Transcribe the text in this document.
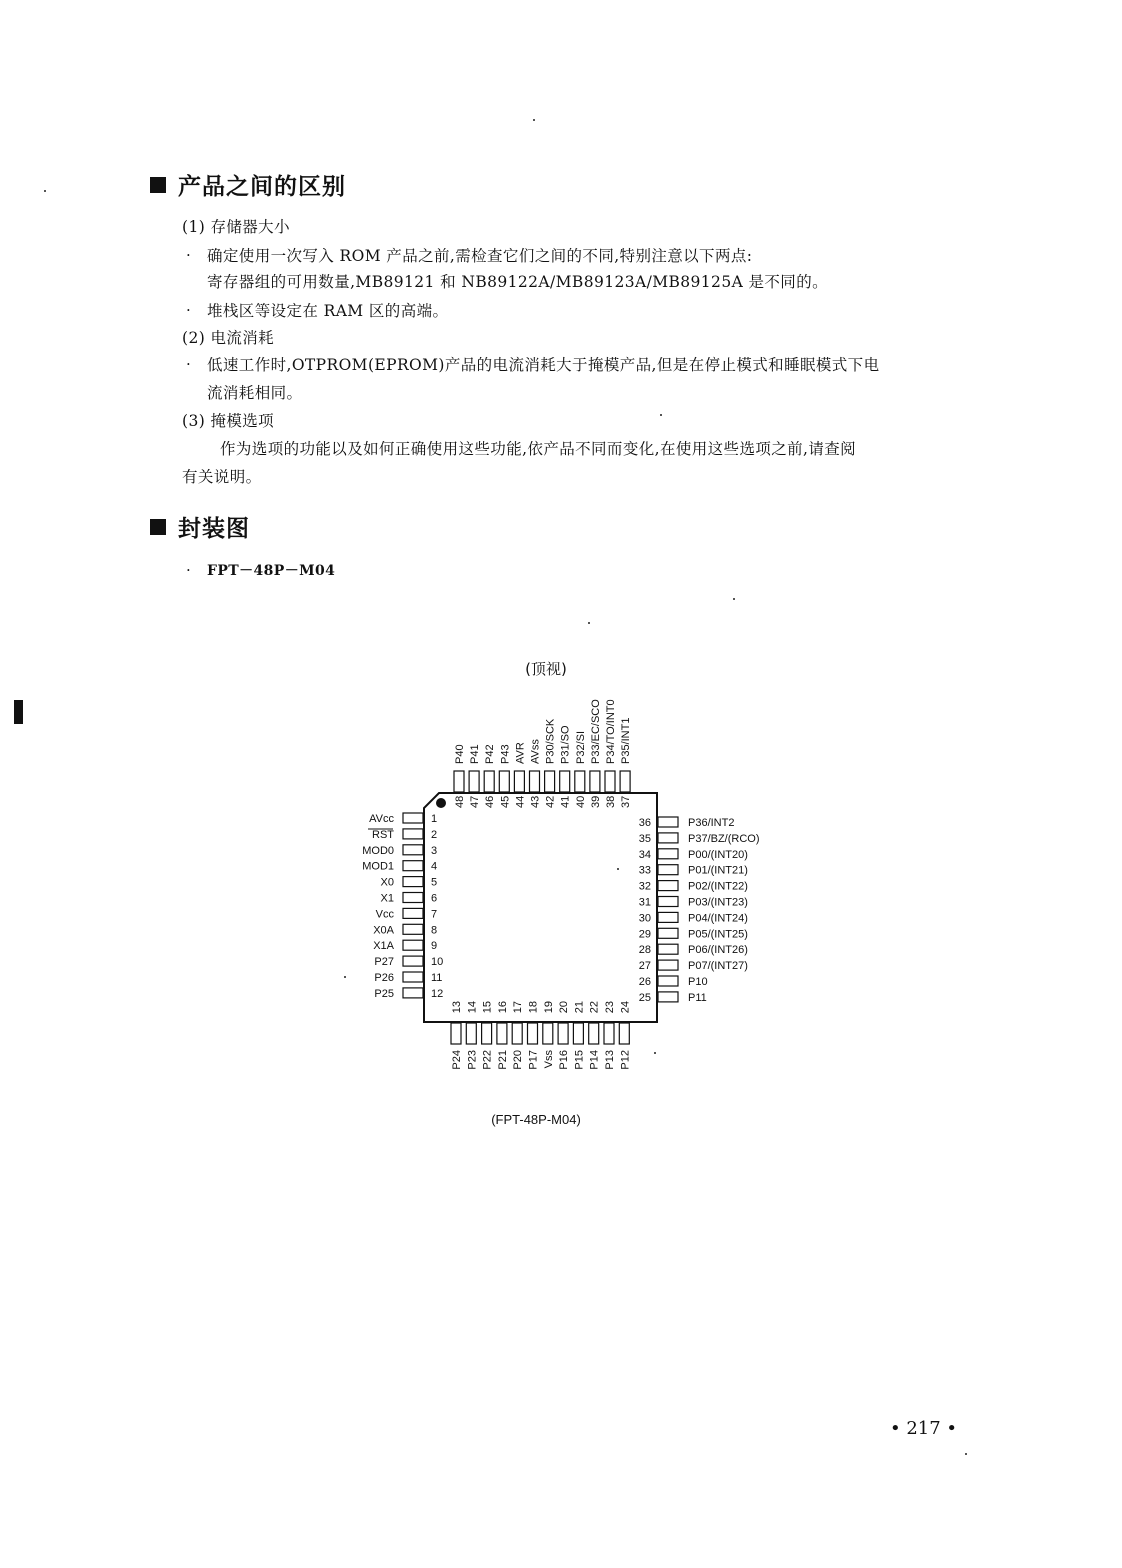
产品之间的区别
(1) 存储器大小
· 确定使用一次写入 ROM 产品之前,需检查它们之间的不同,特别注意以下两点:
寄存器组的可用数量,MB89121 和 NB89122A/MB89123A/MB89125A 是不同的。
· 堆栈区等设定在 RAM 区的高端。
(2) 电流消耗
· 低速工作时,OTPROM(EPROM)产品的电流消耗大于掩模产品,但是在停止模式和睡眠模式下电
流消耗相同。
(3) 掩模选项
作为选项的功能以及如何正确使用这些功能,依产品不同而变化,在使用这些选项之前,请查阅
有关说明。
封装图
· FPT－48P－M04
(顶视)
1
AVcc
2
RST
3
MOD0
4
MOD1
5
X0
6
X1
7
Vcc
8
X0A
9
X1A
10
P27
11
P26
12
P25
36	P36/INT2
35	P37/BZ/(RCO)
34	P00/(INT20)
33	P01/(INT21)
32	P02/(INT22)
31	P03/(INT23)
30	P04/(INT24)
29	P05/(INT25)
28	P06/(INT26)
27	P07/(INT27)
26	P10
25	P11
48
P40
47
P41
46
P42
45
P43
44
AVR
43
AVss
42
P30/SCK
41
P31/SO
40
P32/SI
39
P33/EC/SCO
38
P34/TO/INT0
37
P35/INT1
13
P24
14
P23
15
P22
16
P21
17
P20
18
P17
19
Vss
20
P16
21
P15
22
P14
23
P13
24
P12
(FPT-48P-M04)
• 217 •
